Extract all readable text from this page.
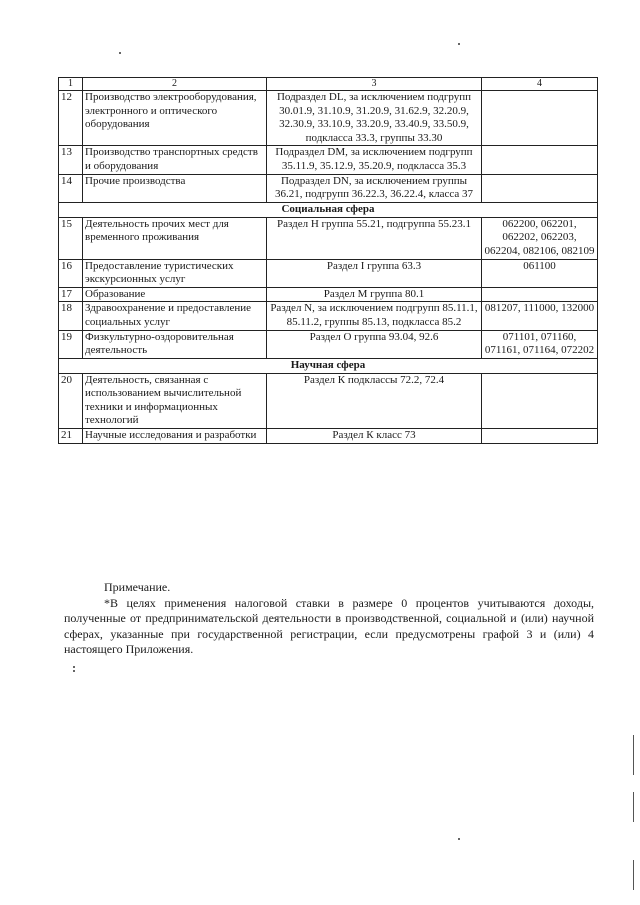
1	2	3	4
12	Производство электрооборудования, электронного и оптического оборудования	Подраздел DL, за исключением подгрупп 30.01.9, 31.10.9, 31.20.9, 31.62.9, 32.20.9, 32.30.9, 33.10.9, 33.20.9, 33.40.9, 33.50.9, подкласса 33.3, группы 33.30	
13	Производство транспортных средств и оборудования	Подраздел DM, за исключением подгрупп 35.11.9, 35.12.9, 35.20.9, подкласса 35.3	
14	Прочие производства	Подраздел DN, за исключением группы 36.21, подгрупп 36.22.3, 36.22.4, класса 37	
Социальная сфера			
15	Деятельность прочих мест для временного проживания	Раздел Н группа 55.21, подгруппа 55.23.1	062200, 062201, 062202, 062203, 062204, 082106, 082109
16	Предоставление туристических экскурсионных услуг	Раздел I группа 63.3	061100
17	Образование	Раздел М группа 80.1	
18	Здравоохранение и предоставление социальных услуг	Раздел N, за исключением подгрупп 85.11.1, 85.11.2, группы 85.13, подкласса 85.2	081207, 111000, 132000
19	Физкультурно-оздоровительная деятельность	Раздел О группа 93.04, 92.6	071101, 071160, 071161, 071164, 072202
Научная сфера			
20	Деятельность, связанная с использованием вычислительной техники и информационных технологий	Раздел К подклассы 72.2, 72.4	
21	Научные исследования и разработки	Раздел К класс 73	
Примечание.
*В целях применения налоговой ставки в размере 0 процентов учитываются доходы, полученные от предпринимательской деятельности в производственной, социальной и (или) научной сферах, указанные при государственной регистрации, если предусмотрены графой 3 и (или) 4 настоящего Приложения.
